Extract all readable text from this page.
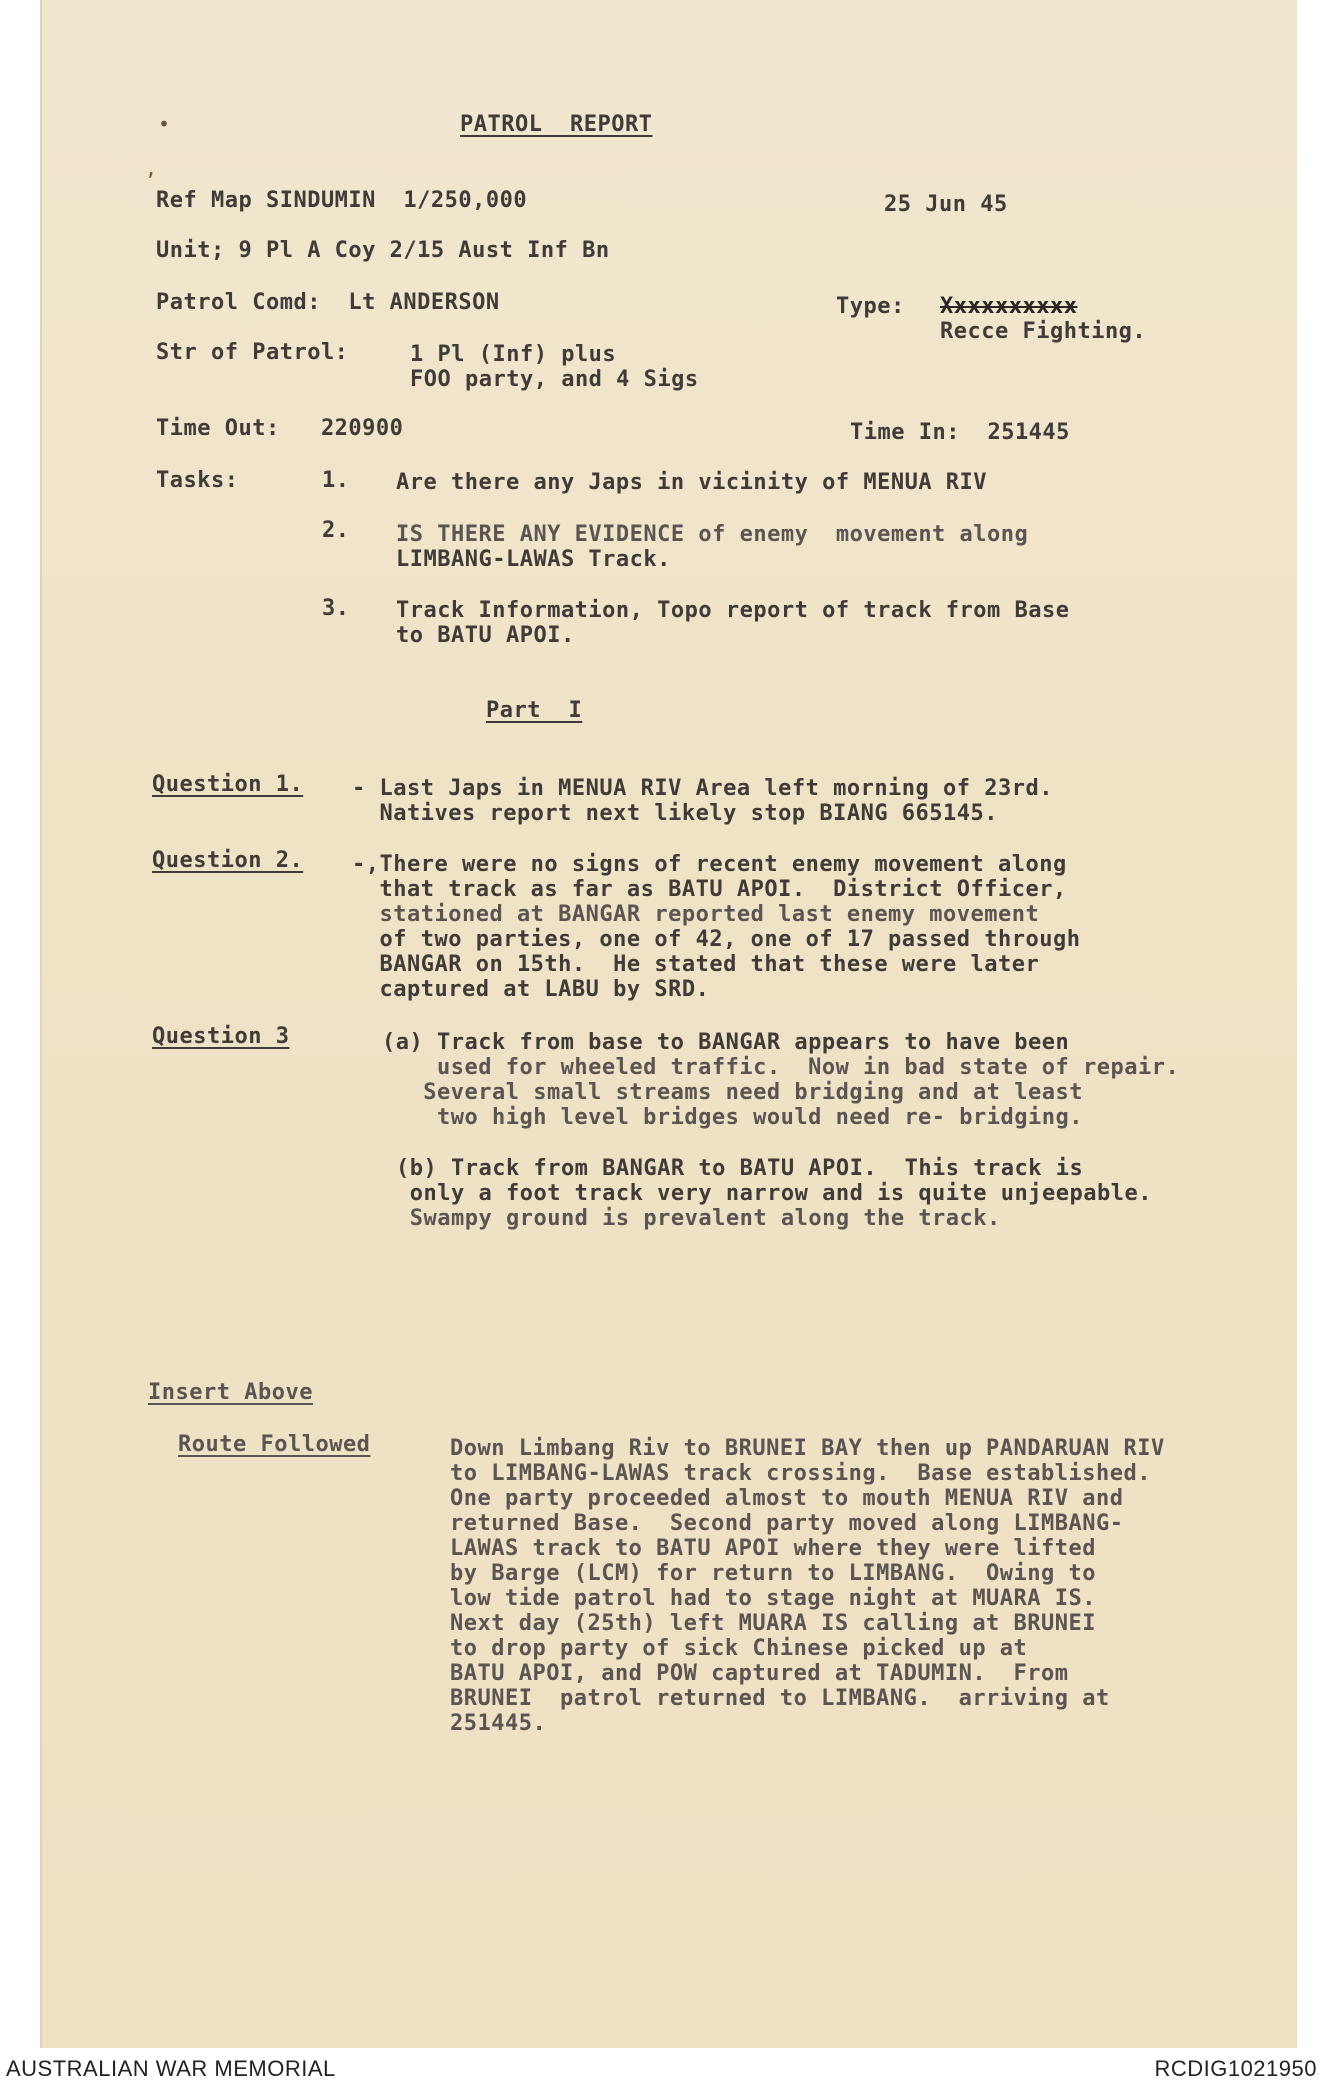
•
,
PATROL  REPORT
Ref Map SINDUMIN  1/250,000	25 Jun 45
Unit; 9 Pl A Coy 2/15 Aust Inf Bn
Patrol Comd:  Lt ANDERSON	Type: Xxxxxxxxxx
Recce Fighting.
Str of Patrol:	1 Pl (Inf) plus
FOO party, and 4 Sigs
Time Out:   220900	Time In:  251445
Tasks:	1. Are there any Japs in vicinity of MENUA RIV
2. IS THERE ANY EVIDENCE of enemy  movement along
LIMBANG-LAWAS Track.
3. Track Information, Topo report of track from Base
to BATU APOI.
Part  I
Question 1. - Last Japs in MENUA RIV Area left morning of 23rd.
Natives report next likely stop BIANG 665145.
Question 2. -,There were no signs of recent enemy movement along
that track as far as BATU APOI.  District Officer,
stationed at BANGAR reported last enemy movement
of two parties, one of 42, one of 17 passed through
BANGAR on 15th.  He stated that these were later
captured at LABU by SRD.
Question 3	(a) Track from base to BANGAR appears to have been
used for wheeled traffic.  Now in bad state of repair.
Several small streams need bridging and at least
two high level bridges would need re- bridging.
(b) Track from BANGAR to BATU APOI.  This track is
only a foot track very narrow and is quite unjeepable.
Swampy ground is prevalent along the track.
Insert Above
Route Followed	Down Limbang Riv to BRUNEI BAY then up PANDARUAN RIV
to LIMBANG-LAWAS track crossing.  Base established.
One party proceeded almost to mouth MENUA RIV and
returned Base.  Second party moved along LIMBANG-
LAWAS track to BATU APOI where they were lifted
by Barge (LCM) for return to LIMBANG.  Owing to
low tide patrol had to stage night at MUARA IS.
Next day (25th) left MUARA IS calling at BRUNEI
to drop party of sick Chinese picked up at
BATU APOI, and POW captured at TADUMIN.  From
BRUNEI  patrol returned to LIMBANG.  arriving at
251445.
AUSTRALIAN WAR MEMORIAL	RCDIG1021950
